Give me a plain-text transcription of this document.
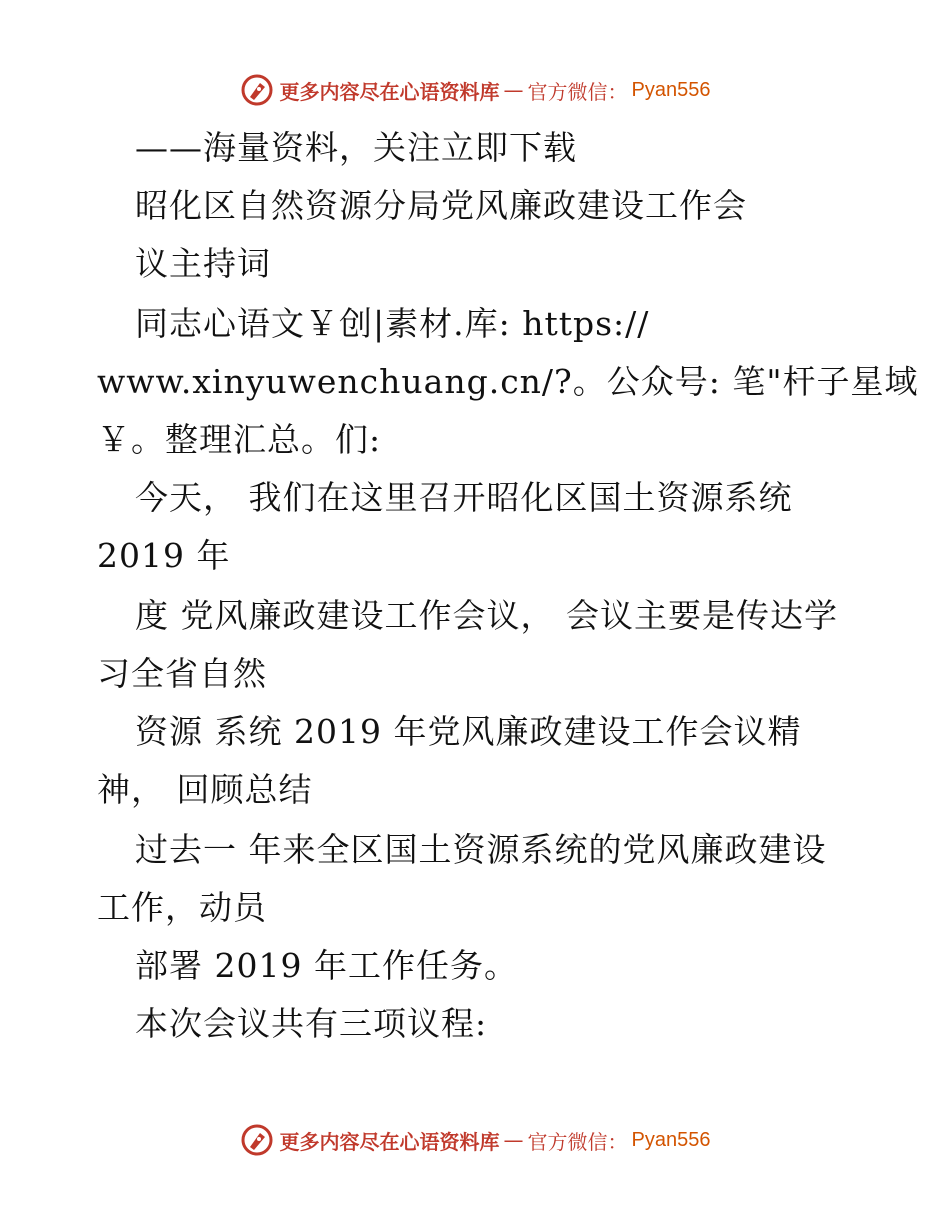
更多内容尽在心语资料库 — 官方微信： Pyan556
——海量资料，关注立即下载
昭化区自然资源分局党风廉政建设工作会
议主持词
同志心语文￥创|素材.库: https://
www.xinyuwenchuang.cn/?。公众号: 笔"杆子星域
￥。整理汇总。们:
今天， 我们在这里召开昭化区国土资源系统
2019 年
度 党风廉政建设工作会议， 会议主要是传达学
习全省自然
资源 系统 2019 年党风廉政建设工作会议精
神， 回顾总结
过去一 年来全区国土资源系统的党风廉政建设
工作，动员
部署 2019 年工作任务。
本次会议共有三项议程:
更多内容尽在心语资料库 — 官方微信： Pyan556
